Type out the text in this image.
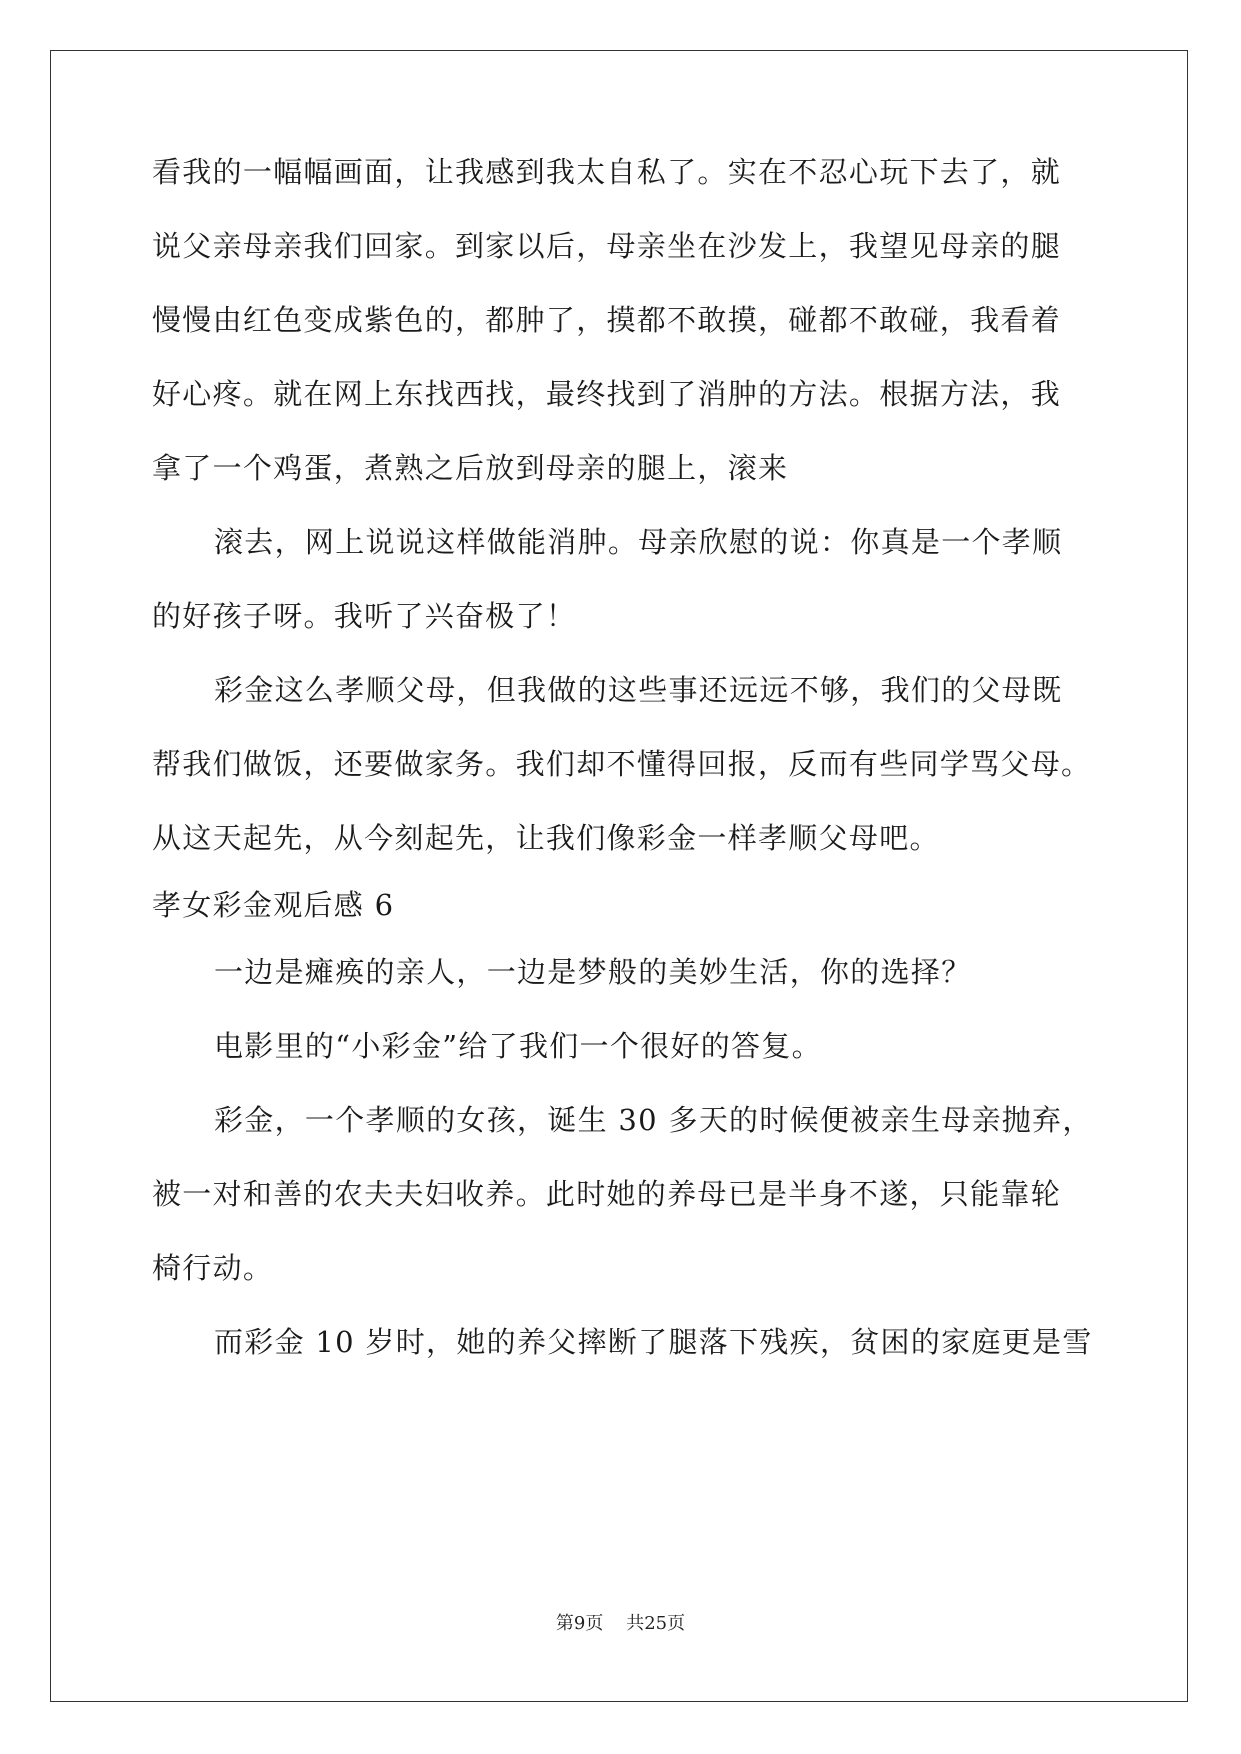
看我的一幅幅画面，让我感到我太自私了。实在不忍心玩下去了，就
说父亲母亲我们回家。到家以后，母亲坐在沙发上，我望见母亲的腿
慢慢由红色变成紫色的，都肿了，摸都不敢摸，碰都不敢碰，我看着
好心疼。就在网上东找西找，最终找到了消肿的方法。根据方法，我
拿了一个鸡蛋，煮熟之后放到母亲的腿上，滚来
滚去，网上说说这样做能消肿。母亲欣慰的说：你真是一个孝顺
的好孩子呀。我听了兴奋极了！
彩金这么孝顺父母，但我做的这些事还远远不够，我们的父母既
帮我们做饭，还要做家务。我们却不懂得回报，反而有些同学骂父母。
从这天起先，从今刻起先，让我们像彩金一样孝顺父母吧。
孝女彩金观后感 6
一边是瘫痪的亲人，一边是梦般的美妙生活，你的选择？
电影里的“小彩金”给了我们一个很好的答复。
彩金，一个孝顺的女孩，诞生 30 多天的时候便被亲生母亲抛弃，
被一对和善的农夫夫妇收养。此时她的养母已是半身不遂，只能靠轮
椅行动。
而彩金 10 岁时，她的养父摔断了腿落下残疾，贫困的家庭更是雪
第9页 共25页
